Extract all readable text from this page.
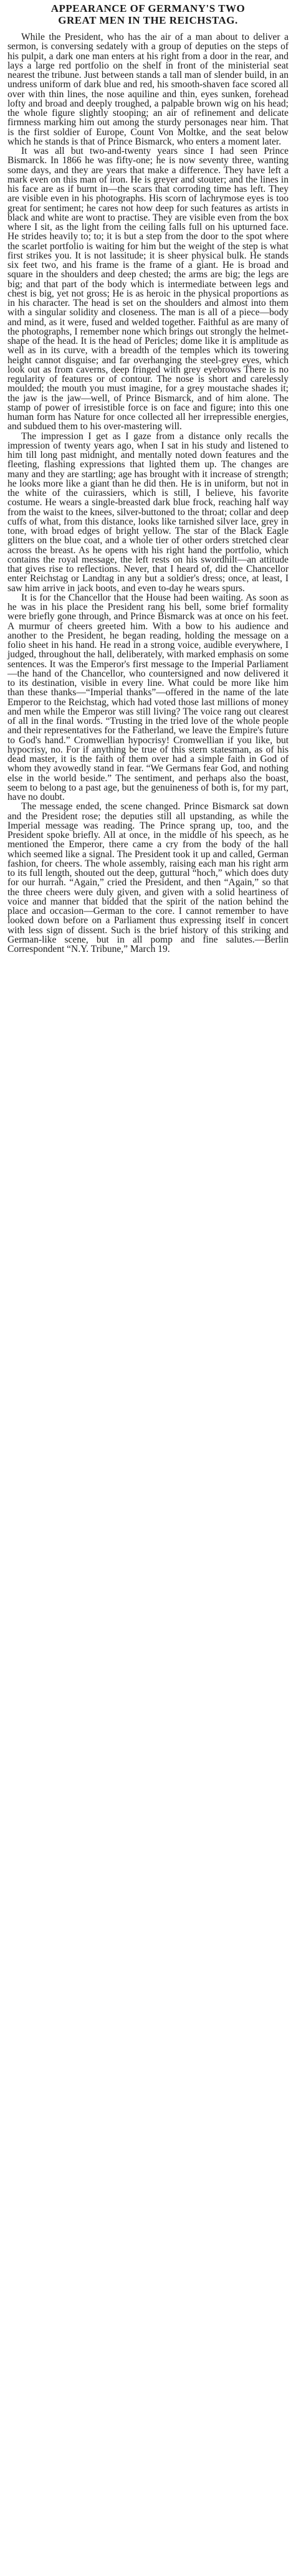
APPEARANCE OF GERMANY'S TWO
GREAT MEN IN THE REICHSTAG.

While the President, who has the air of a man about to deliver a sermon, is conversing sedately with a group of deputies on the steps of his pulpit, a dark one man enters at his right from a door in the rear, and lays a large red portfolio on the shelf in front of the ministerial seat nearest the tribune. Just between stands a tall man of slender build, in an undress uniform of dark blue and red, his smooth-shaven face scored all over with thin lines, the nose aquiline and thin, eyes sunken, forehead lofty and broad and deeply troughed, a palpable brown wig on his head; the whole figure slightly stooping; an air of refinement and delicate firmness marking him out among the sturdy personages near him. That is the first soldier of Europe, Count Von Moltke, and the seat below which he stands is that of Prince Bismarck, who enters a moment later.

It was all but two-and-twenty years since I had seen Prince Bismarck. In 1866 he was fifty-one; he is now seventy three, wanting some days, and they are years that make a difference. They have left a mark even on this man of iron. He is greyer and stouter; and the lines in his face are as if burnt in—the scars that corroding time has left. They are visible even in his photographs. His scorn of lachrymose eyes is too great for sentiment; he cares not how deep for such features as artists in black and white are wont to practise. They are visible even from the box where I sit, as the light from the ceiling falls full on his upturned face. He strides heavily to; to; it is but a step from the door to the spot where the scarlet portfolio is waiting for him but the weight of the step is what first strikes you. It is not lassitude; it is sheer physical bulk. He stands six feet two, and his frame is the frame of a giant. He is broad and square in the shoulders and deep chested; the arms are big; the legs are big; and that part of the body which is intermediate between legs and chest is big, yet not gross; He is as heroic in the physical proportions as in his character. The head is set on the shoulders and almost into them with a singular solidity and closeness. The man is all of a piece—body and mind, as it were, fused and welded together. Faithful as are many of the photographs, I remember none which brings out strongly the helmet-shape of the head. It is the head of Pericles; dome like it is amplitude as well as in its curve, with a breadth of the temples which its towering height cannot disguise; and far overhanging the steel-grey eyes, which look out as from caverns, deep fringed with grey eyebrows There is no regularity of features or of contour. The nose is short and carelessly moulded; the mouth you must imagine, for a grey moustache shades it; the jaw is the jaw—well, of Prince Bismarck, and of him alone. The stamp of power of irresistible force is on face and figure; into this one human form has Nature for once collected all her irrepressible energies, and subdued them to his over-mastering will.

The impression I get as I gaze from a distance only recalls the impression of twenty years ago, when I sat in his study and listened to him till long past midnight, and mentally noted down features and the fleeting, flashing expressions that lighted them up. The changes are many and they are startling; age has brought with it increase of strength; he looks more like a giant than he did then. He is in uniform, but not in the white of the cuirassiers, which is still, I believe, his favorite costume. He wears a single-breasted dark blue frock, reaching half way from the waist to the knees, silver-buttoned to the throat; collar and deep cuffs of what, from this distance, looks like tarnished silver lace, grey in tone, with broad edges of bright yellow. The star of the Black Eagle glitters on the blue coat, and a whole tier of other orders stretched clear across the breast. As he opens with his right hand the portfolio, which contains the royal message, the left rests on his swordhilt—an attitude that gives rise to reflections. Never, that I heard of, did the Chancellor enter Reichstag or Landtag in any but a soldier's dress; once, at least, I saw him arrive in jack boots, and even to-day he wears spurs.

It is for the Chancellor that the House had been waiting. As soon as he was in his place the President rang his bell, some brief formality were briefly gone through, and Prince Bismarck was at once on his feet. A murmur of cheers greeted him. With a bow to his audience and another to the President, he began reading, holding the message on a folio sheet in his hand. He read in a strong voice, audible everywhere, I judged, throughout the hall, deliberately, with marked emphasis on some sentences. It was the Emperor's first message to the Imperial Parliament—the hand of the Chancellor, who countersigned and now delivered it to its destination, visible in every line. What could be more like him than these thanks—“Imperial thanks”—offered in the name of the late Emperor to the Reichstag, which had voted those last millions of money and men while the Emperor was still living? The voice rang out clearest of all in the final words. “Trusting in the tried love of the whole people and their representatives for the Fatherland, we leave the Empire's future to God's hand.” Cromwellian hypocrisy! Cromwellian if you like, but hypocrisy, no. For if anything be true of this stern statesman, as of his dead master, it is the faith of them over had a simple faith in God of whom they avowedly stand in fear. “We Germans fear God, and nothing else in the world beside.” The sentiment, and perhaps also the boast, seem to belong to a past age, but the genuineness of both is, for my part, have no doubt.

The message ended, the scene changed. Prince Bismarck sat down and the President rose; the deputies still all upstanding, as while the Imperial message was reading. The Prince sprang up, too, and the President spoke briefly. All at once, in the middle of his speech, as he mentioned the Emperor, there came a cry from the body of the hall which seemed like a signal. The President took it up and called, German fashion, for cheers. The whole assembly, raising each man his right arm to its full length, shouted out the deep, guttural “hoch,” which does duty for our hurrah. “Again,” cried the President, and then “Again,” so that the three cheers were duly given, and given with a solid heartiness of voice and manner that bidded that the spirit of the nation behind the place and occasion—German to the core. I cannot remember to have looked down before on a Parliament thus expressing itself in concert with less sign of dissent. Such is the brief history of this striking and German-like scene, but in all pomp and fine salutes.—Berlin Correspondent “N.Y. Tribune,” March 19.
